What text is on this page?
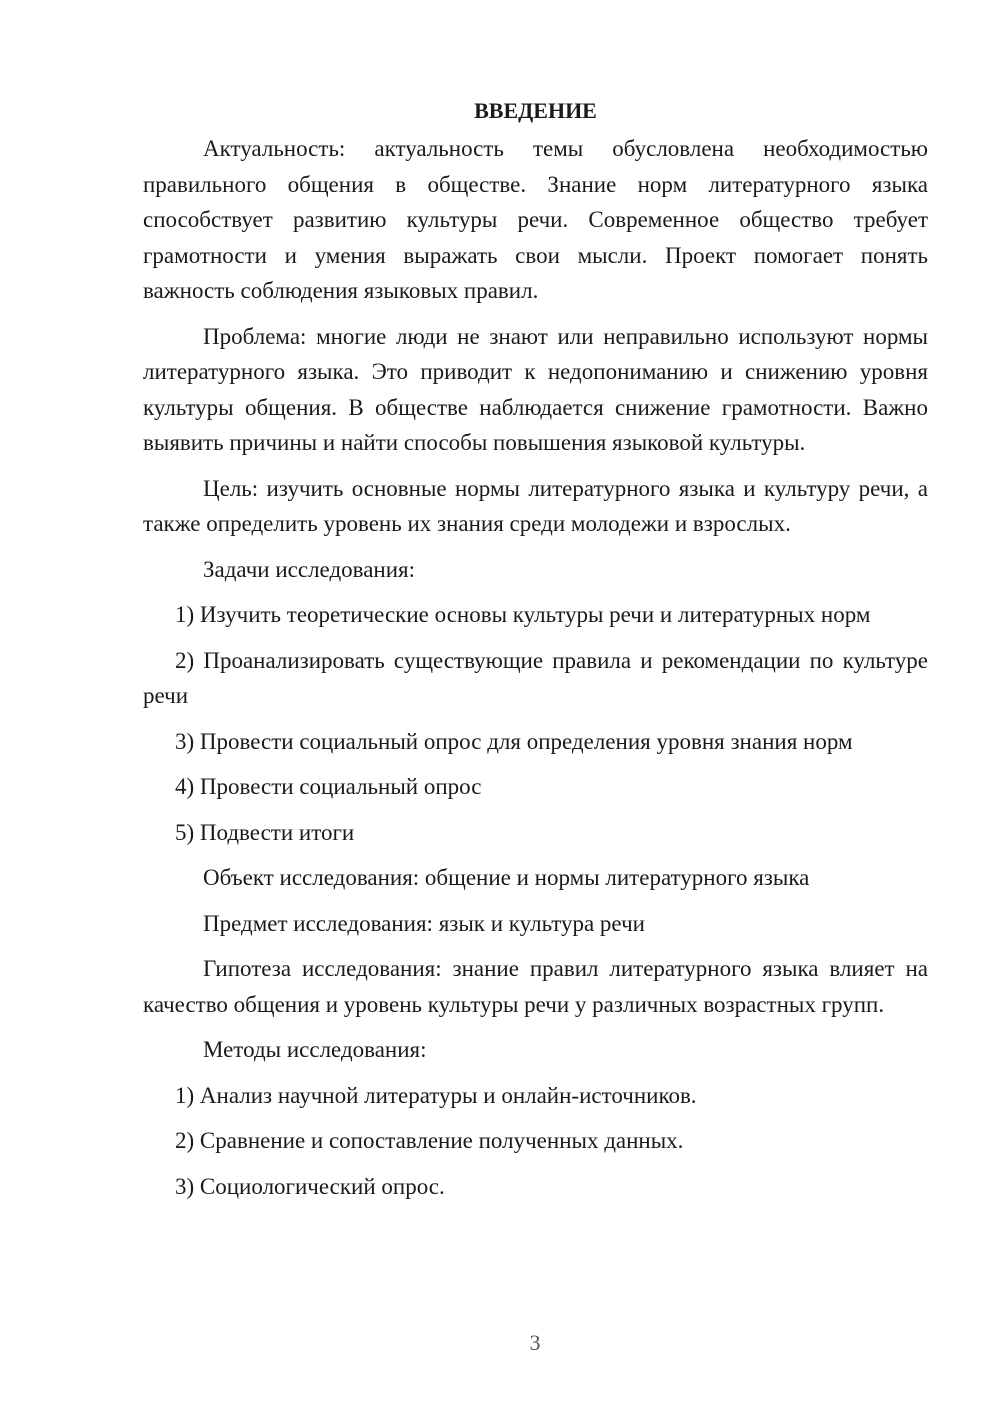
ВВЕДЕНИЕ

Актуальность: актуальность темы обусловлена необходимостью правильного общения в обществе. Знание норм литературного языка способствует развитию культуры речи. Современное общество требует грамотности и умения выражать свои мысли. Проект помогает понять важность соблюдения языковых правил.

Проблема: многие люди не знают или неправильно используют нормы литературного языка. Это приводит к недопониманию и снижению уровня культуры общения. В обществе наблюдается снижение грамотности. Важно выявить причины и найти способы повышения языковой культуры.

Цель: изучить основные нормы литературного языка и культуру речи, а также определить уровень их знания среди молодежи и взрослых.

Задачи исследования:

1) Изучить теоретические основы культуры речи и литературных норм

2) Проанализировать существующие правила и рекомендации по культуре речи

3) Провести социальный опрос для определения уровня знания норм

4) Провести социальный опрос

5) Подвести итоги

Объект исследования: общение и нормы литературного языка

Предмет исследования: язык и культура речи

Гипотеза исследования: знание правил литературного языка влияет на качество общения и уровень культуры речи у различных возрастных групп.

Методы исследования:

1) Анализ научной литературы и онлайн-источников.

2) Сравнение и сопоставление полученных данных.

3) Социологический опрос.

3
